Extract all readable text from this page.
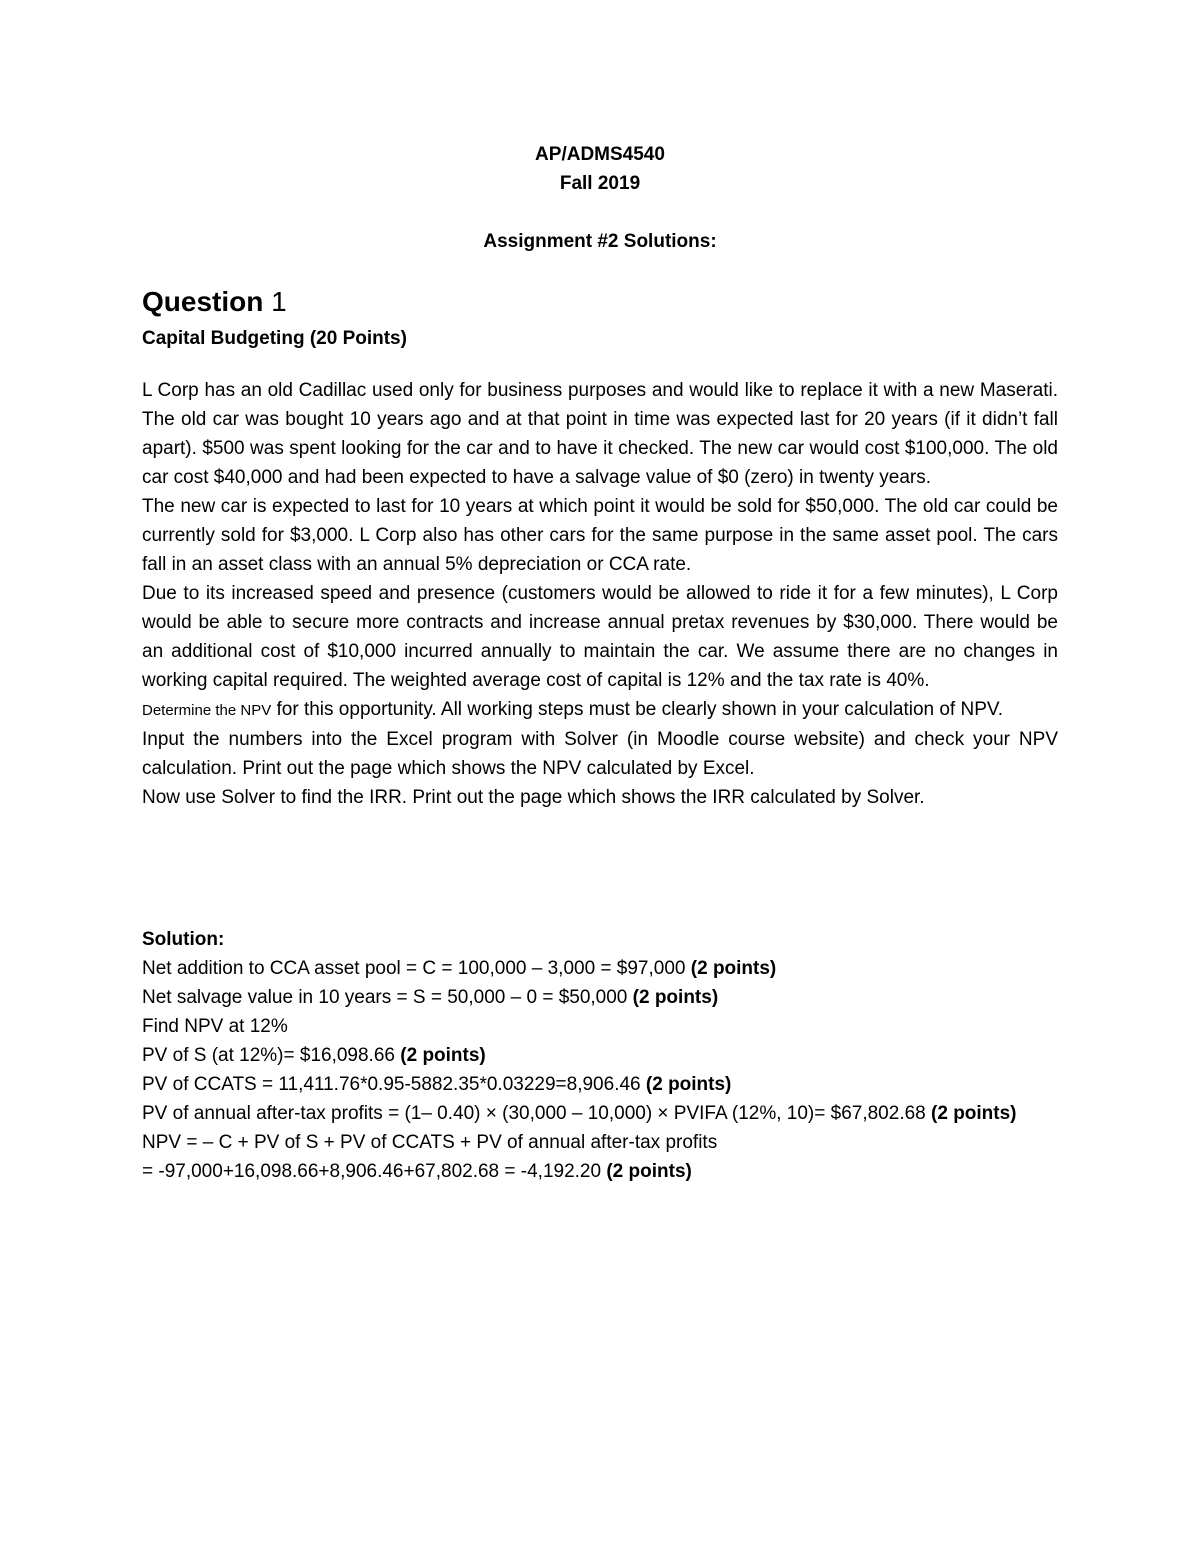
AP/ADMS4540
Fall 2019
Assignment #2 Solutions:
Question 1
Capital Budgeting (20 Points)

L Corp has an old Cadillac used only for business purposes and would like to replace it with a new Maserati. The old car was bought 10 years ago and at that point in time was expected last for 20 years (if it didn’t fall apart). $500 was spent looking for the car and to have it checked. The new car would cost $100,000. The old car cost $40,000 and had been expected to have a salvage value of $0 (zero) in twenty years.

The new car is expected to last for 10 years at which point it would be sold for $50,000. The old car could be currently sold for $3,000. L Corp also has other cars for the same purpose in the same asset pool. The cars fall in an asset class with an annual 5% depreciation or CCA rate.

Due to its increased speed and presence (customers would be allowed to ride it for a few minutes), L Corp would be able to secure more contracts and increase annual pretax revenues by $30,000. There would be an additional cost of $10,000 incurred annually to maintain the car. We assume there are no changes in working capital required. The weighted average cost of capital is 12% and the tax rate is 40%.

Determine the NPV for this opportunity. All working steps must be clearly shown in your calculation of NPV.

Input the numbers into the Excel program with Solver (in Moodle course website) and check your NPV calculation. Print out the page which shows the NPV calculated by Excel.

Now use Solver to find the IRR. Print out the page which shows the IRR calculated by Solver.

Solution:
Net addition to CCA asset pool = C = 100,000 – 3,000 = $97,000 (2 points)
Net salvage value in 10 years = S = 50,000 – 0 = $50,000 (2 points)
Find NPV at 12%
PV of S (at 12%)= $16,098.66 (2 points)
PV of CCATS = 11,411.76*0.95-5882.35*0.03229=8,906.46 (2 points)
PV of annual after-tax profits = (1– 0.40) × (30,000 – 10,000) × PVIFA (12%, 10)= $67,802.68 (2 points)
NPV = – C + PV of S + PV of CCATS + PV of annual after-tax profits
= -97,000+16,098.66+8,906.46+67,802.68 = -4,192.20 (2 points)
